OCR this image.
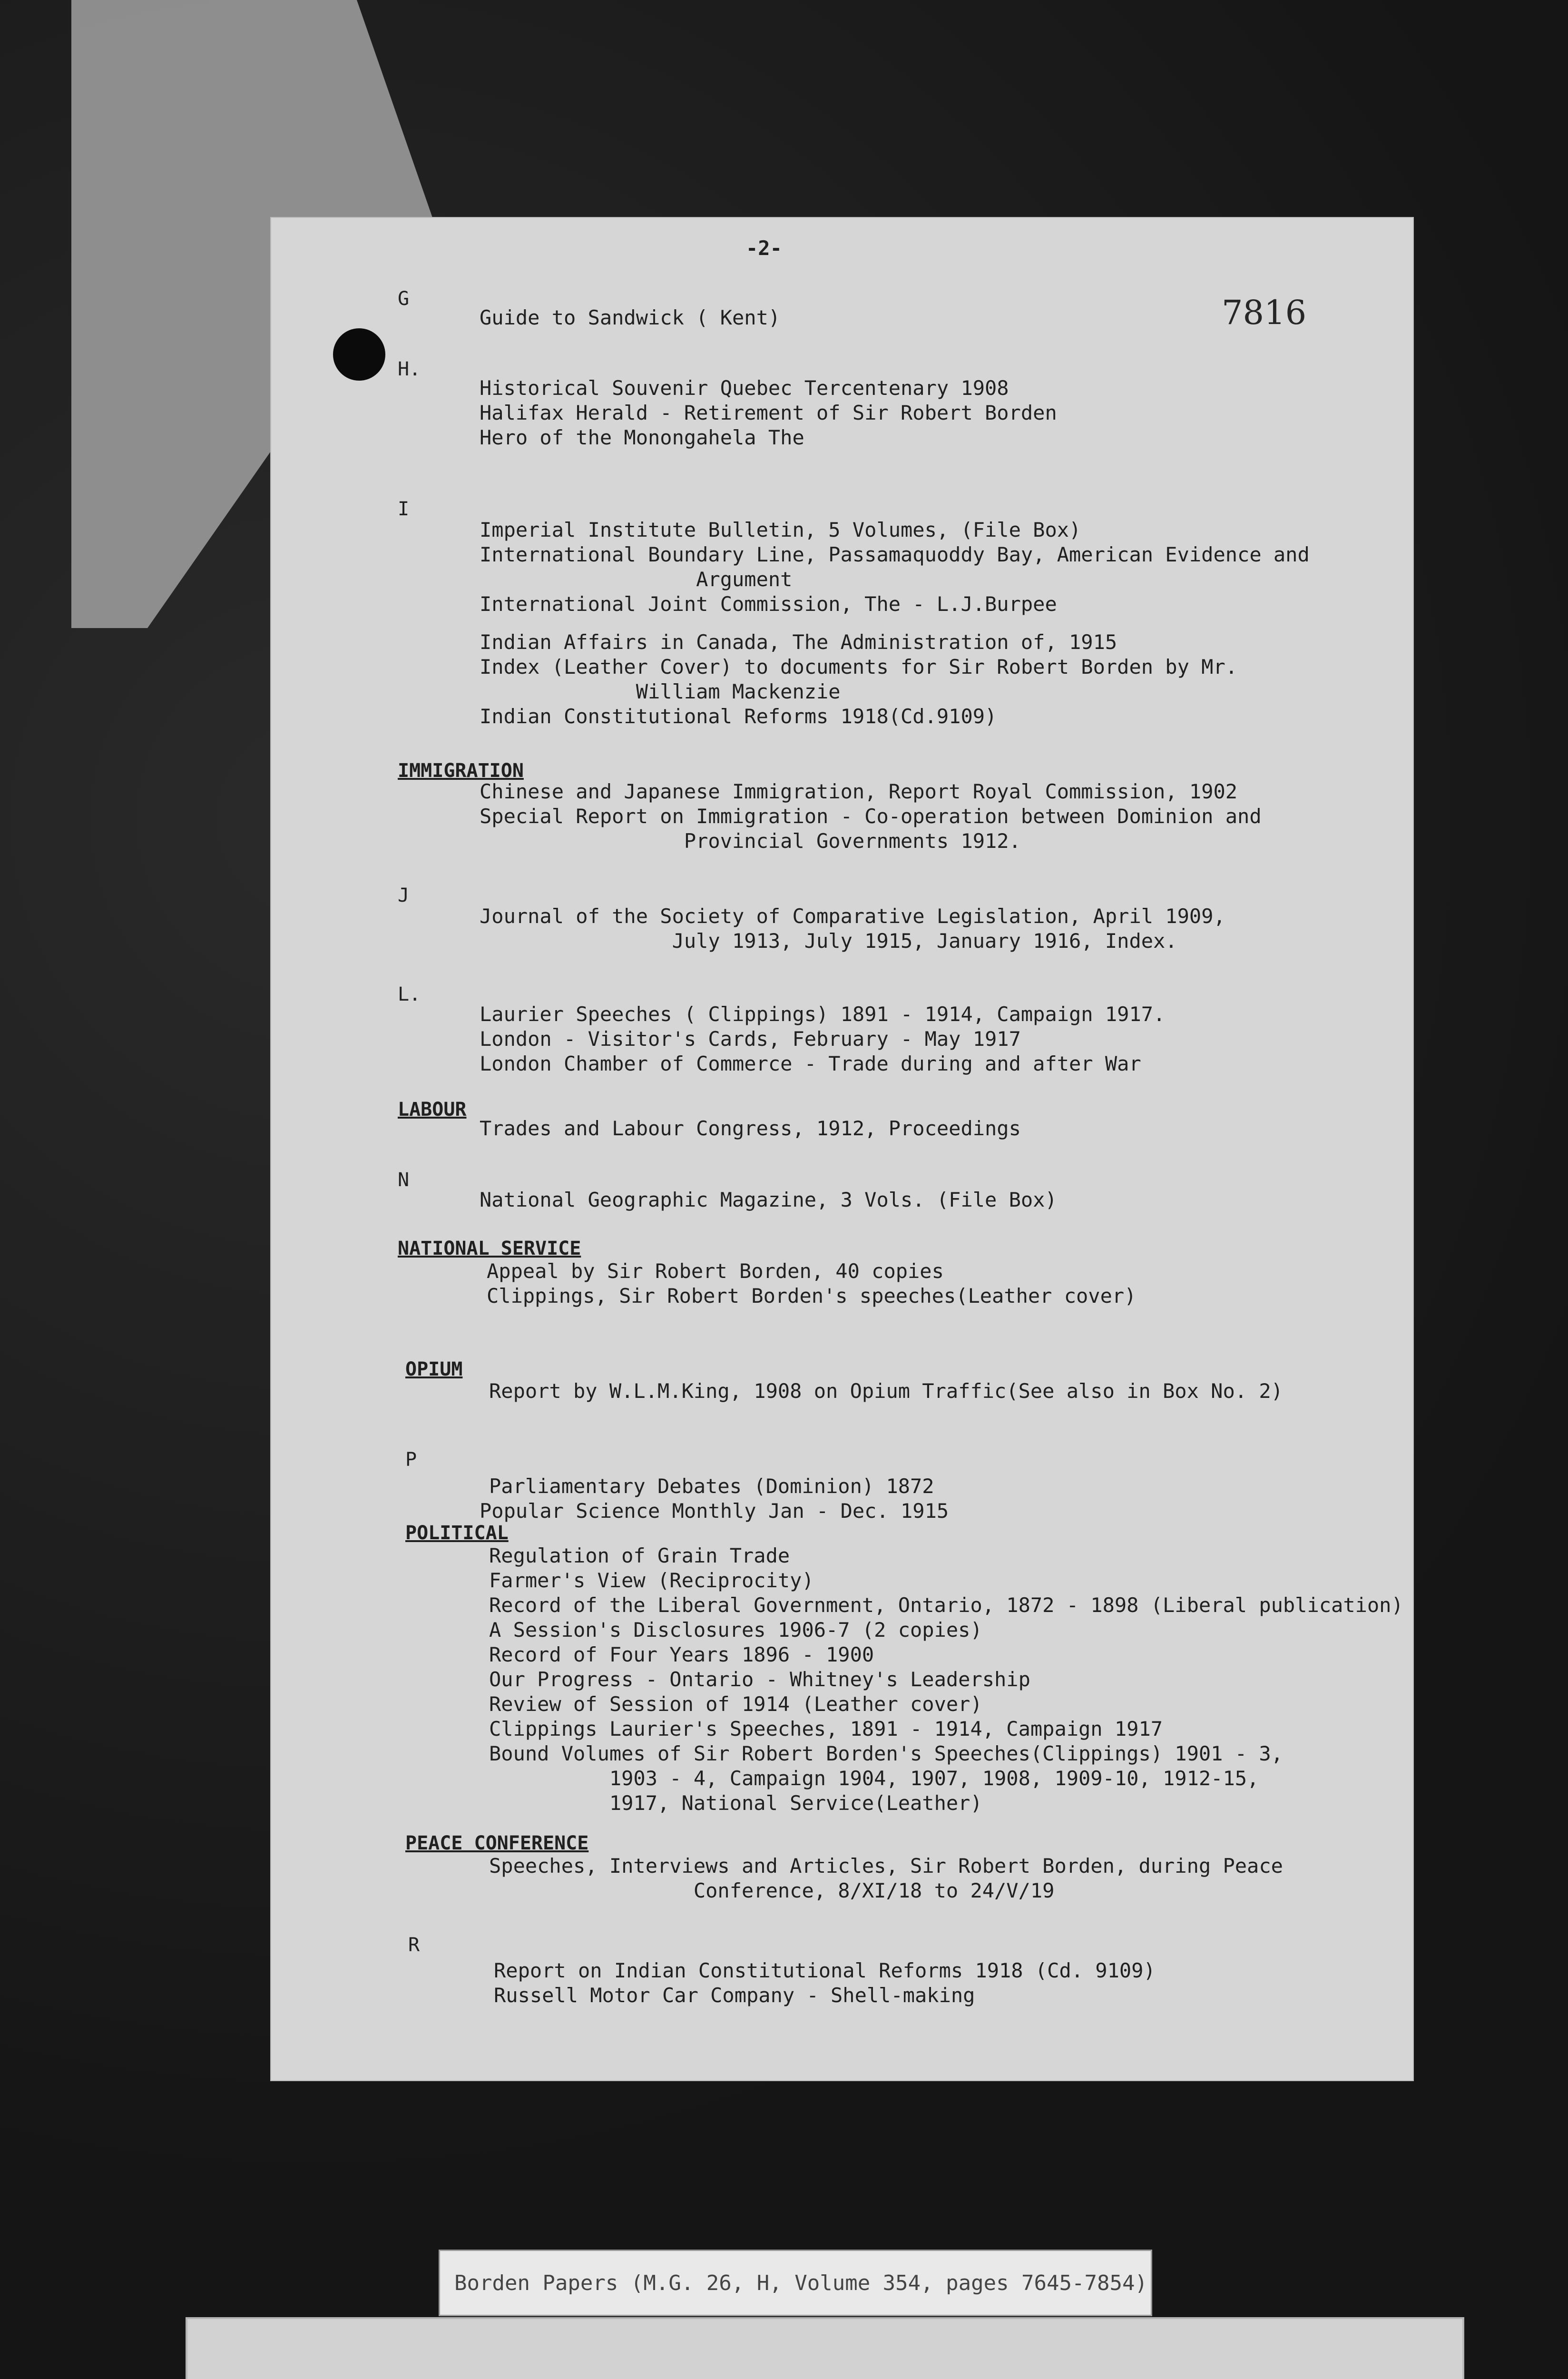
-2-
7816
G
Guide to Sandwick ( Kent)
H.
Historical Souvenir Quebec Tercentenary 1908
Halifax Herald - Retirement of Sir Robert Borden
Hero of the Monongahela The
I
Imperial Institute Bulletin, 5 Volumes, (File Box)
International Boundary Line, Passamaquoddy Bay, American Evidence and
Argument
International Joint Commission, The - L.J.Burpee
Indian Affairs in Canada, The Administration of, 1915
Index (Leather Cover) to documents for Sir Robert Borden by Mr.
William Mackenzie
Indian Constitutional Reforms 1918(Cd.9109)
IMMIGRATION
Chinese and Japanese Immigration, Report Royal Commission, 1902
Special Report on Immigration - Co-operation between Dominion and
Provincial Governments 1912.
J
Journal of the Society of Comparative Legislation, April 1909,
July 1913, July 1915, January 1916, Index.
L.
Laurier Speeches ( Clippings) 1891 - 1914, Campaign 1917.
London - Visitor's Cards, February - May 1917
London Chamber of Commerce - Trade during and after War
LABOUR
Trades and Labour Congress, 1912, Proceedings
N
National Geographic Magazine, 3 Vols. (File Box)
NATIONAL SERVICE
Appeal by Sir Robert Borden, 40 copies
Clippings, Sir Robert Borden's speeches(Leather cover)
OPIUM
Report by W.L.M.King, 1908 on Opium Traffic(See also in Box No. 2)
P
Parliamentary Debates (Dominion) 1872
Popular Science Monthly Jan - Dec. 1915
POLITICAL
Regulation of Grain Trade
Farmer's View (Reciprocity)
Record of the Liberal Government, Ontario, 1872 - 1898 (Liberal publication)
A Session's Disclosures 1906-7 (2 copies)
Record of Four Years 1896 - 1900
Our Progress - Ontario - Whitney's Leadership
Review of Session of 1914 (Leather cover)
Clippings Laurier's Speeches, 1891 - 1914, Campaign 1917
Bound Volumes of Sir Robert Borden's Speeches(Clippings) 1901 - 3,
1903 - 4, Campaign 1904, 1907, 1908, 1909-10, 1912-15,
1917, National Service(Leather)
PEACE CONFERENCE
Speeches, Interviews and Articles, Sir Robert Borden, during Peace
Conference, 8/XI/18 to 24/V/19
R
Report on Indian Constitutional Reforms 1918 (Cd. 9109)
Russell Motor Car Company - Shell-making
Borden Papers (M.G. 26, H, Volume 354, pages 7645-7854)
